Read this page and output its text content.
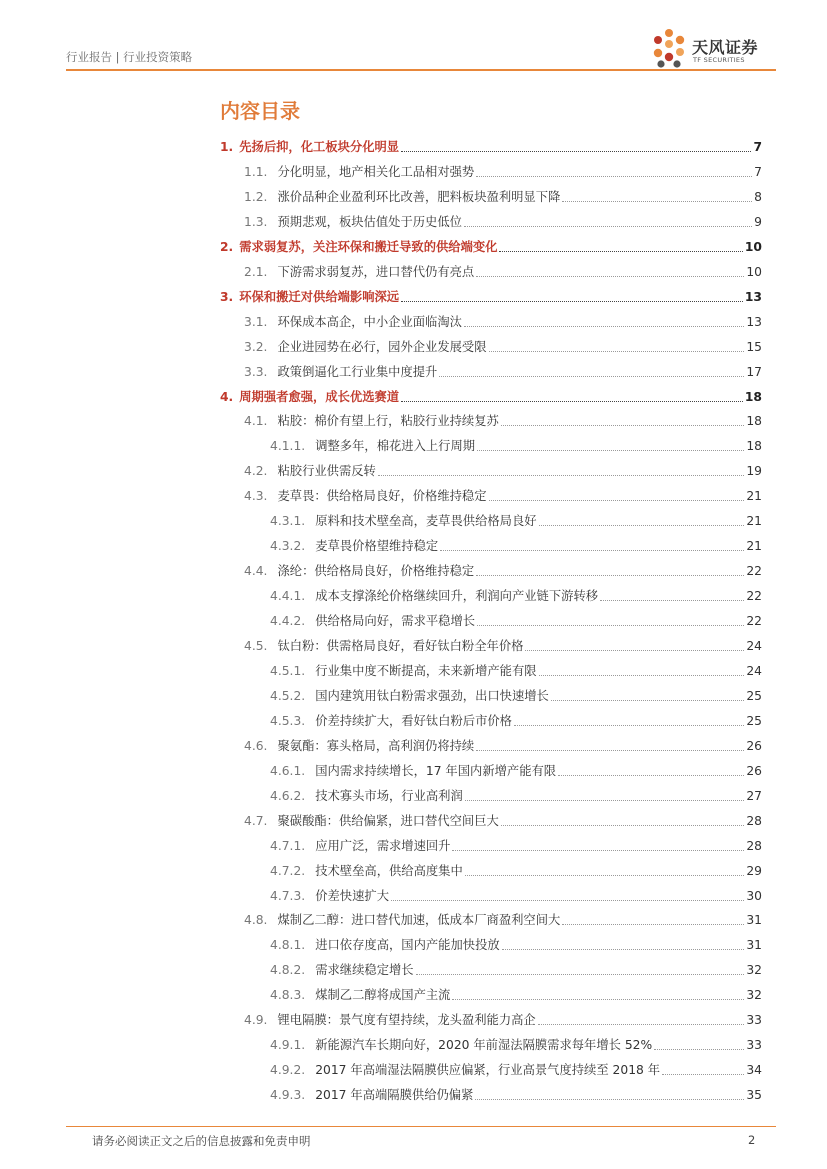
行业报告 | 行业投资策略	天风证券
TF SECURITIES
内容目录
1. 先扬后抑，化工板块分化明显	7
1.1. 分化明显，地产相关化工品相对强势	7
1.2. 涨价品种企业盈利环比改善，肥料板块盈利明显下降	8
1.3. 预期悲观，板块估值处于历史低位	9
2. 需求弱复苏，关注环保和搬迁导致的供给端变化	10
2.1. 下游需求弱复苏，进口替代仍有亮点	10
3. 环保和搬迁对供给端影响深远	13
3.1. 环保成本高企，中小企业面临淘汰	13
3.2. 企业进园势在必行，园外企业发展受限	15
3.3. 政策倒逼化工行业集中度提升	17
4. 周期强者愈强，成长优选赛道	18
4.1. 粘胶：棉价有望上行，粘胶行业持续复苏	18
4.1.1. 调整多年，棉花进入上行周期	18
4.2. 粘胶行业供需反转	19
4.3. 麦草畏：供给格局良好，价格维持稳定	21
4.3.1. 原料和技术壁垒高，麦草畏供给格局良好	21
4.3.2. 麦草畏价格望维持稳定	21
4.4. 涤纶：供给格局良好，价格维持稳定	22
4.4.1. 成本支撑涤纶价格继续回升，利润向产业链下游转移	22
4.4.2. 供给格局向好，需求平稳增长	22
4.5. 钛白粉：供需格局良好，看好钛白粉全年价格	24
4.5.1. 行业集中度不断提高，未来新增产能有限	24
4.5.2. 国内建筑用钛白粉需求强劲，出口快速增长	25
4.5.3. 价差持续扩大，看好钛白粉后市价格	25
4.6. 聚氨酯：寡头格局，高利润仍将持续	26
4.6.1. 国内需求持续增长，17 年国内新增产能有限	26
4.6.2. 技术寡头市场，行业高利润	27
4.7. 聚碳酸酯：供给偏紧，进口替代空间巨大	28
4.7.1. 应用广泛，需求增速回升	28
4.7.2. 技术壁垒高，供给高度集中	29
4.7.3. 价差快速扩大	30
4.8. 煤制乙二醇：进口替代加速，低成本厂商盈利空间大	31
4.8.1. 进口依存度高，国内产能加快投放	31
4.8.2. 需求继续稳定增长	32
4.8.3. 煤制乙二醇将成国产主流	32
4.9. 锂电隔膜：景气度有望持续，龙头盈利能力高企	33
4.9.1. 新能源汽车长期向好，2020 年前湿法隔膜需求每年增长 52%	33
4.9.2. 2017 年高端湿法隔膜供应偏紧，行业高景气度持续至 2018 年	34
4.9.3. 2017 年高端隔膜供给仍偏紧	35
请务必阅读正文之后的信息披露和免责申明	2
